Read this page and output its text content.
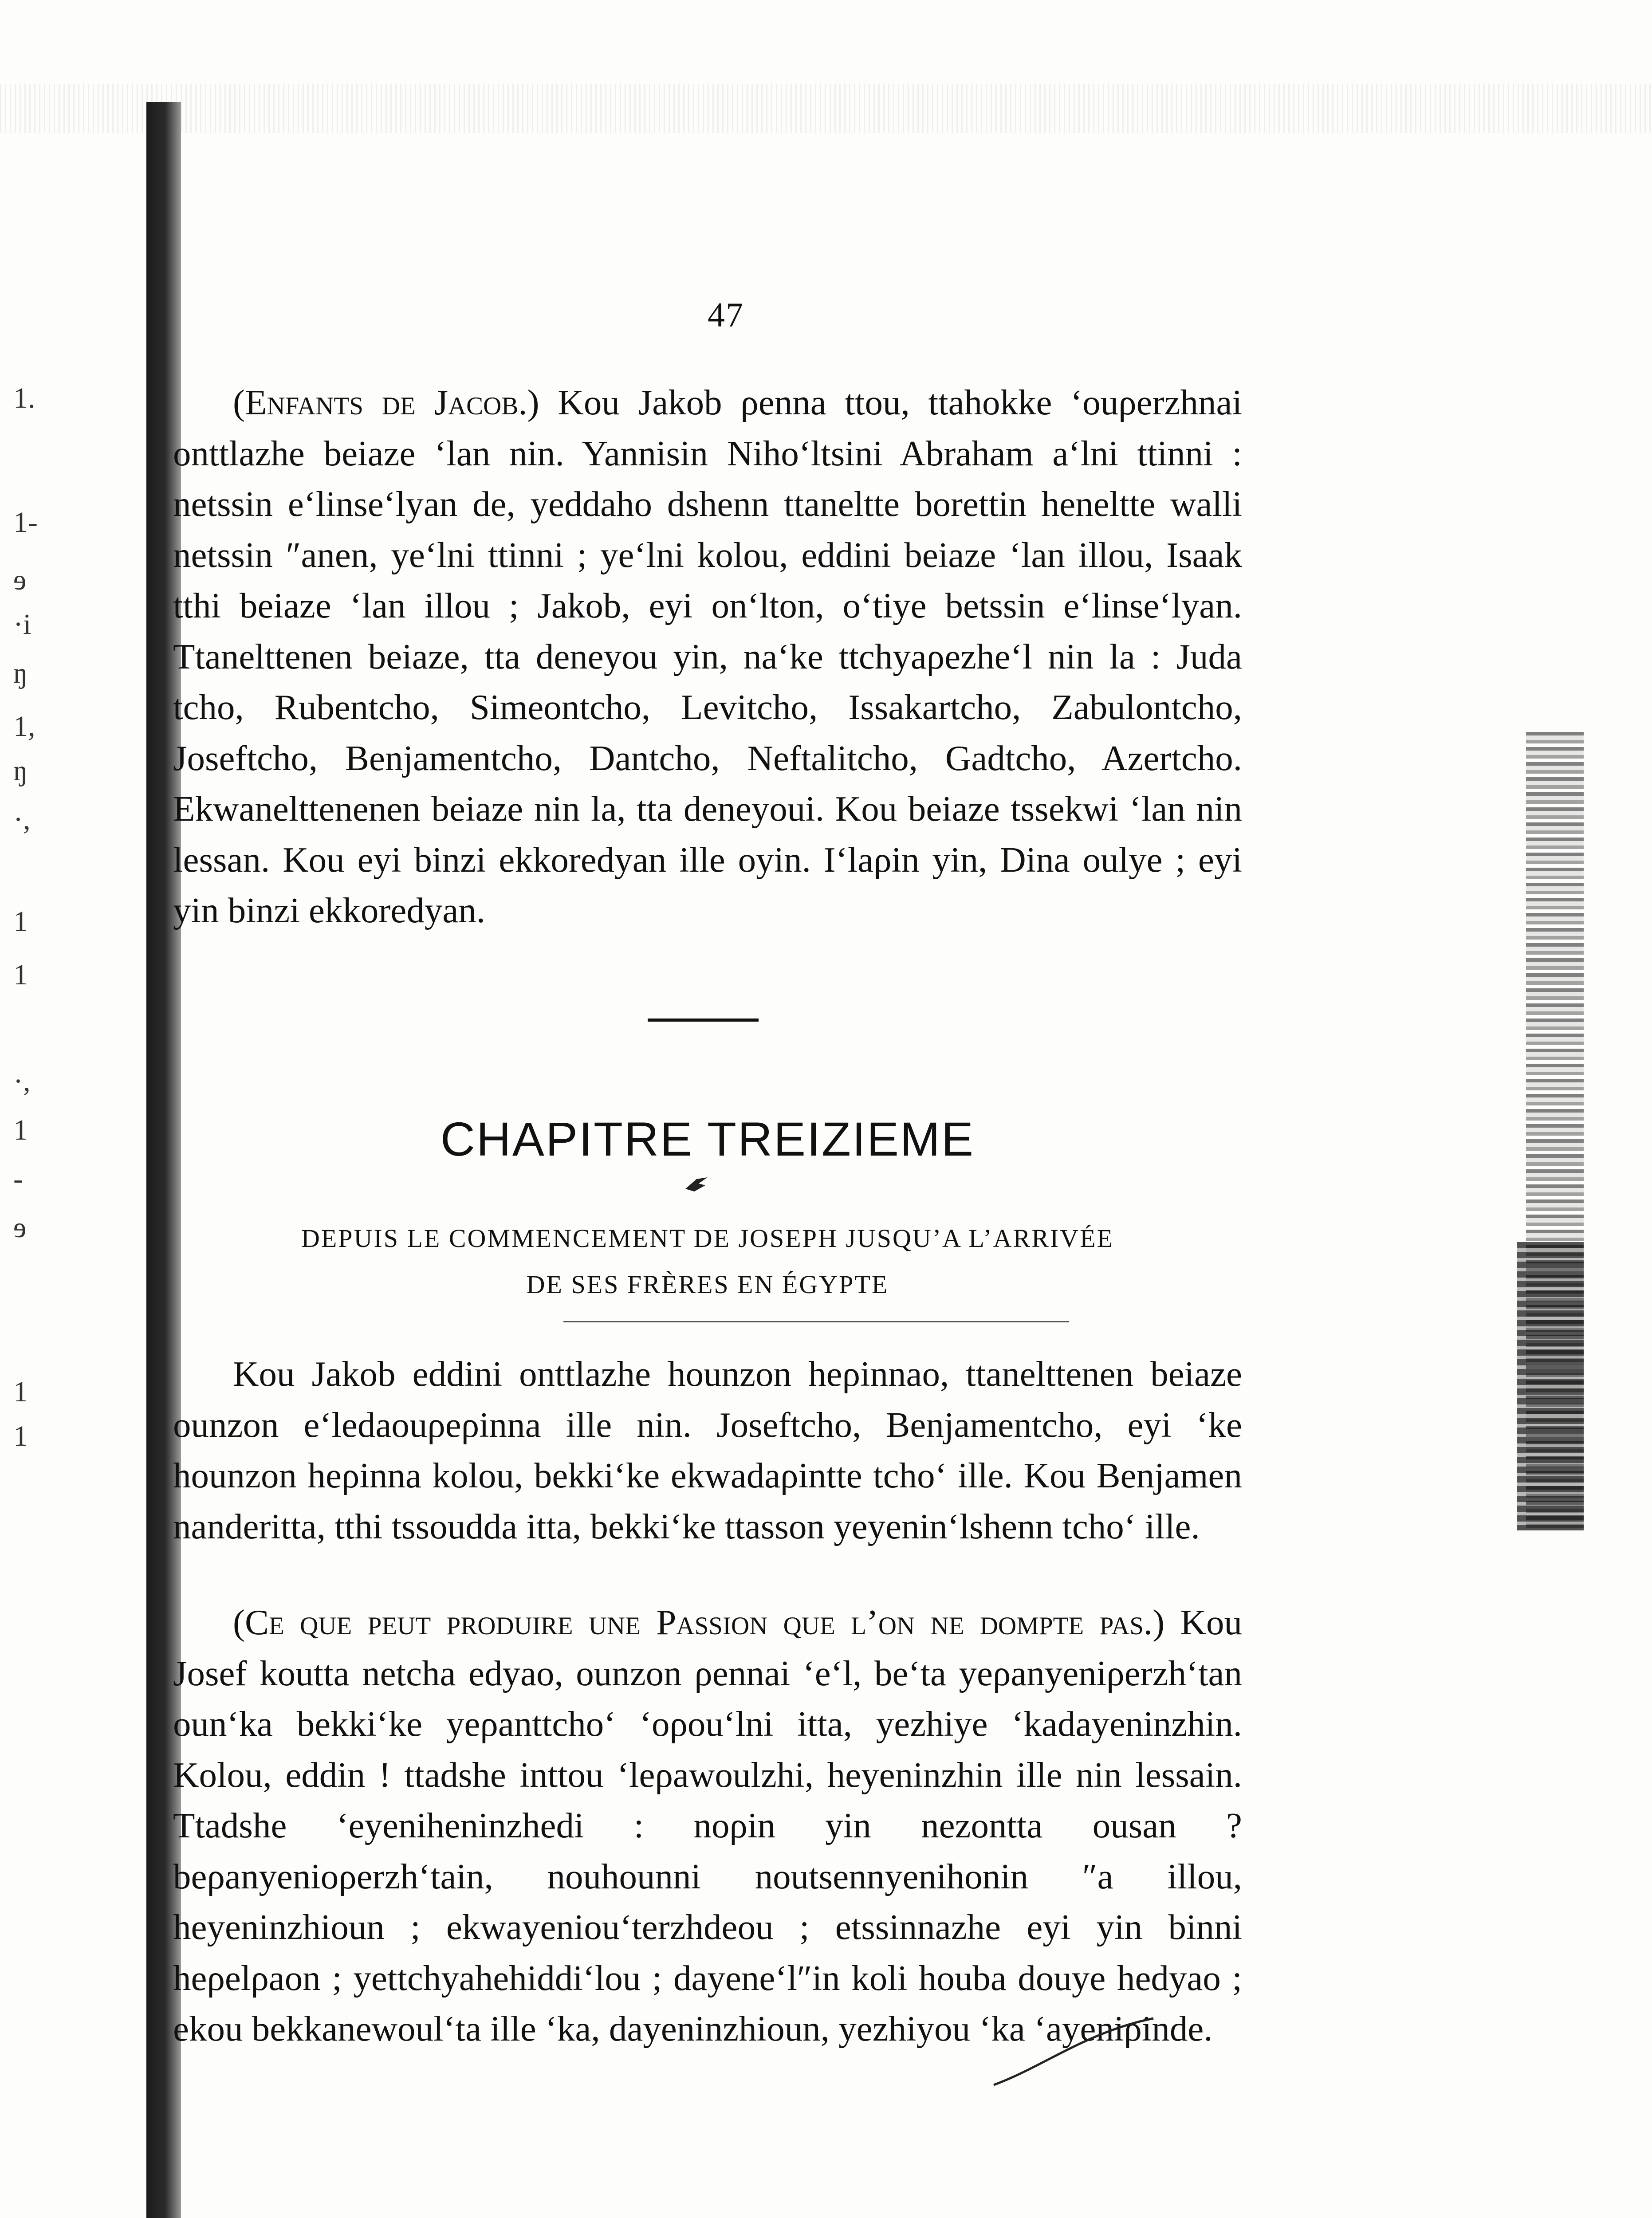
1.
1-
ɘ
·i
ŋ
1,
ŋ
·,
1
1
·,
1
-
ɘ
1
1
47

(Enfants de Jacob.) Kou Jakob ρenna ttou, ttahokke ‘ouρerzhnai onttlazhe beiaze ‘lan nin. Yannisin Niho‘ltsini Abraham a‘lni ttinni : netssin e‘linse‘lyan de, yeddaho dshenn ttaneltte borettin heneltte walli netssin ″anen, ye‘lni ttinni ; ye‘lni kolou, eddini beiaze ‘lan illou, Isaak tthi beiaze ‘lan illou ; Jakob, eyi on‘lton, o‘tiye betssin e‘linse‘lyan. Ttanelttenen beiaze, tta deneyou yin, na‘ke ttchyaρezhe‘l nin la : Juda tcho, Rubentcho, Simeontcho, Levitcho, Issakartcho, Zabulontcho, Joseftcho, Benjamentcho, Dantcho, Neftalitcho, Gadtcho, Azertcho. Ekwanelttenenen beiaze nin la, tta deneyoui. Kou beiaze tssekwi ‘lan nin lessan. Kou eyi binzi ekkoredyan ille oyin. I‘laρin yin, Dina oulye ; eyi yin binzi ekkoredyan.

CHAPITRE TREIZIEME
DEPUIS LE COMMENCEMENT DE JOSEPH JUSQU’A L’ARRIVÉE
DE SES FRÈRES EN ÉGYPTE

Kou Jakob eddini onttlazhe hounzon heρinnao, ttanelttenen beiaze ounzon e‘ledaouρeρinna ille nin. Joseftcho, Benjamentcho, eyi ‘ke hounzon heρinna kolou, bekki‘ke ekwadaρintte tcho‘ ille. Kou Benjamen nanderitta, tthi tssoudda itta, bekki‘ke ttasson yeyenin‘lshenn tcho‘ ille.

(Ce que peut produire une Passion que l’on ne dompte pas.) Kou Josef koutta netcha edyao, ounzon ρennai ‘e‘l, be‘ta yeρanyeniρerzh‘tan oun‘ka bekki‘ke yeρanttcho‘ ‘oρou‘lni itta, yezhiye ‘kadayeninzhin. Kolou, eddin ! ttadshe inttou ‘leρawoulzhi, heyeninzhin ille nin lessain. Ttadshe ‘eyeniheninzhedi : noρin yin nezontta ousan ? beρanyenioρerzh‘tain, nouhounni noutsennyenihonin ″a illou, heyeninzhioun ; ekwayeniou‘terzhdeou ; etssinnazhe eyi yin binni heρelρaon ; yettchyahehiddi‘lou ; dayene‘l″in koli houba douye hedyao ; ekou bekkanewoul‘ta ille ‘ka, dayeninzhioun, yezhiyou ‘ka ‘ayeniρinde.
